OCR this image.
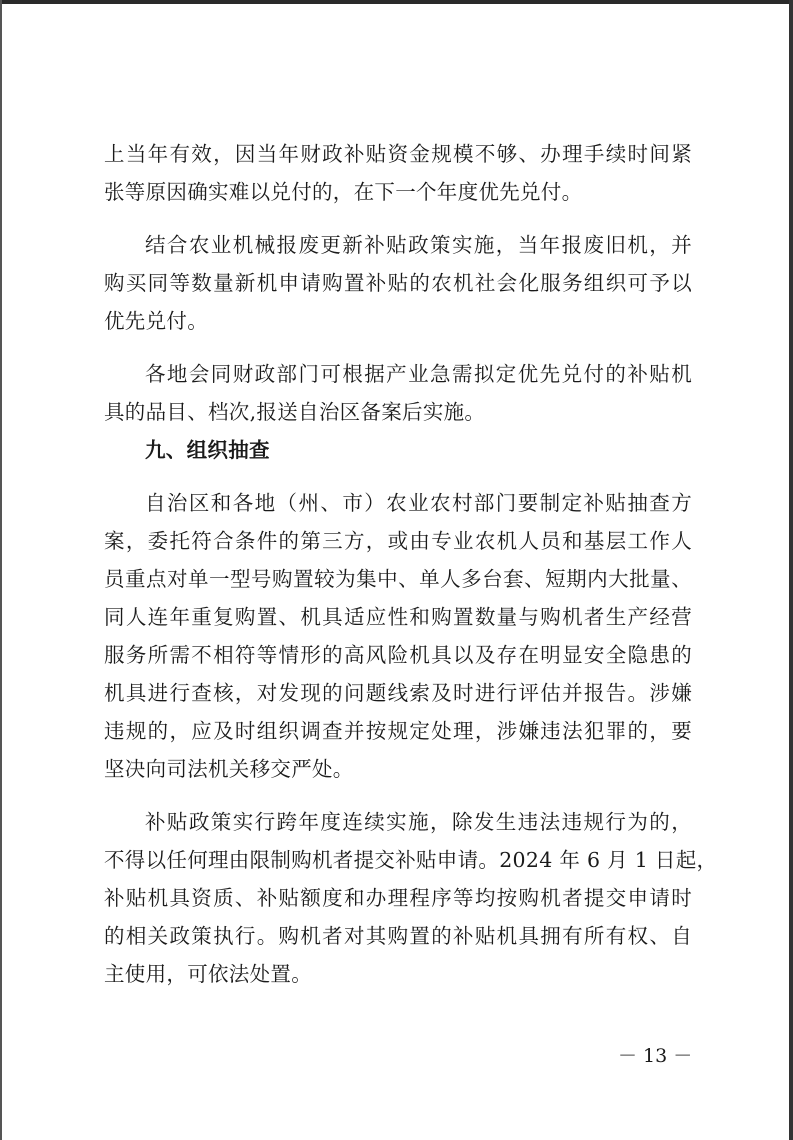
上当年有效，因当年财政补贴资金规模不够、办理手续时间紧
张等原因确实难以兑付的，在下一个年度优先兑付。
结合农业机械报废更新补贴政策实施，当年报废旧机，并
购买同等数量新机申请购置补贴的农机社会化服务组织可予以
优先兑付。
各地会同财政部门可根据产业急需拟定优先兑付的补贴机
具的品目、档次,报送自治区备案后实施。
九、组织抽查
自治区和各地（州、市）农业农村部门要制定补贴抽查方
案，委托符合条件的第三方，或由专业农机人员和基层工作人
员重点对单一型号购置较为集中、单人多台套、短期内大批量、
同人连年重复购置、机具适应性和购置数量与购机者生产经营
服务所需不相符等情形的高风险机具以及存在明显安全隐患的
机具进行查核，对发现的问题线索及时进行评估并报告。涉嫌
违规的，应及时组织调查并按规定处理，涉嫌违法犯罪的，要
坚决向司法机关移交严处。
补贴政策实行跨年度连续实施，除发生违法违规行为的，
不得以任何理由限制购机者提交补贴申请。2024 年 6 月 1 日起，
补贴机具资质、补贴额度和办理程序等均按购机者提交申请时
的相关政策执行。购机者对其购置的补贴机具拥有所有权、自
主使用，可依法处置。
－ 13 －
